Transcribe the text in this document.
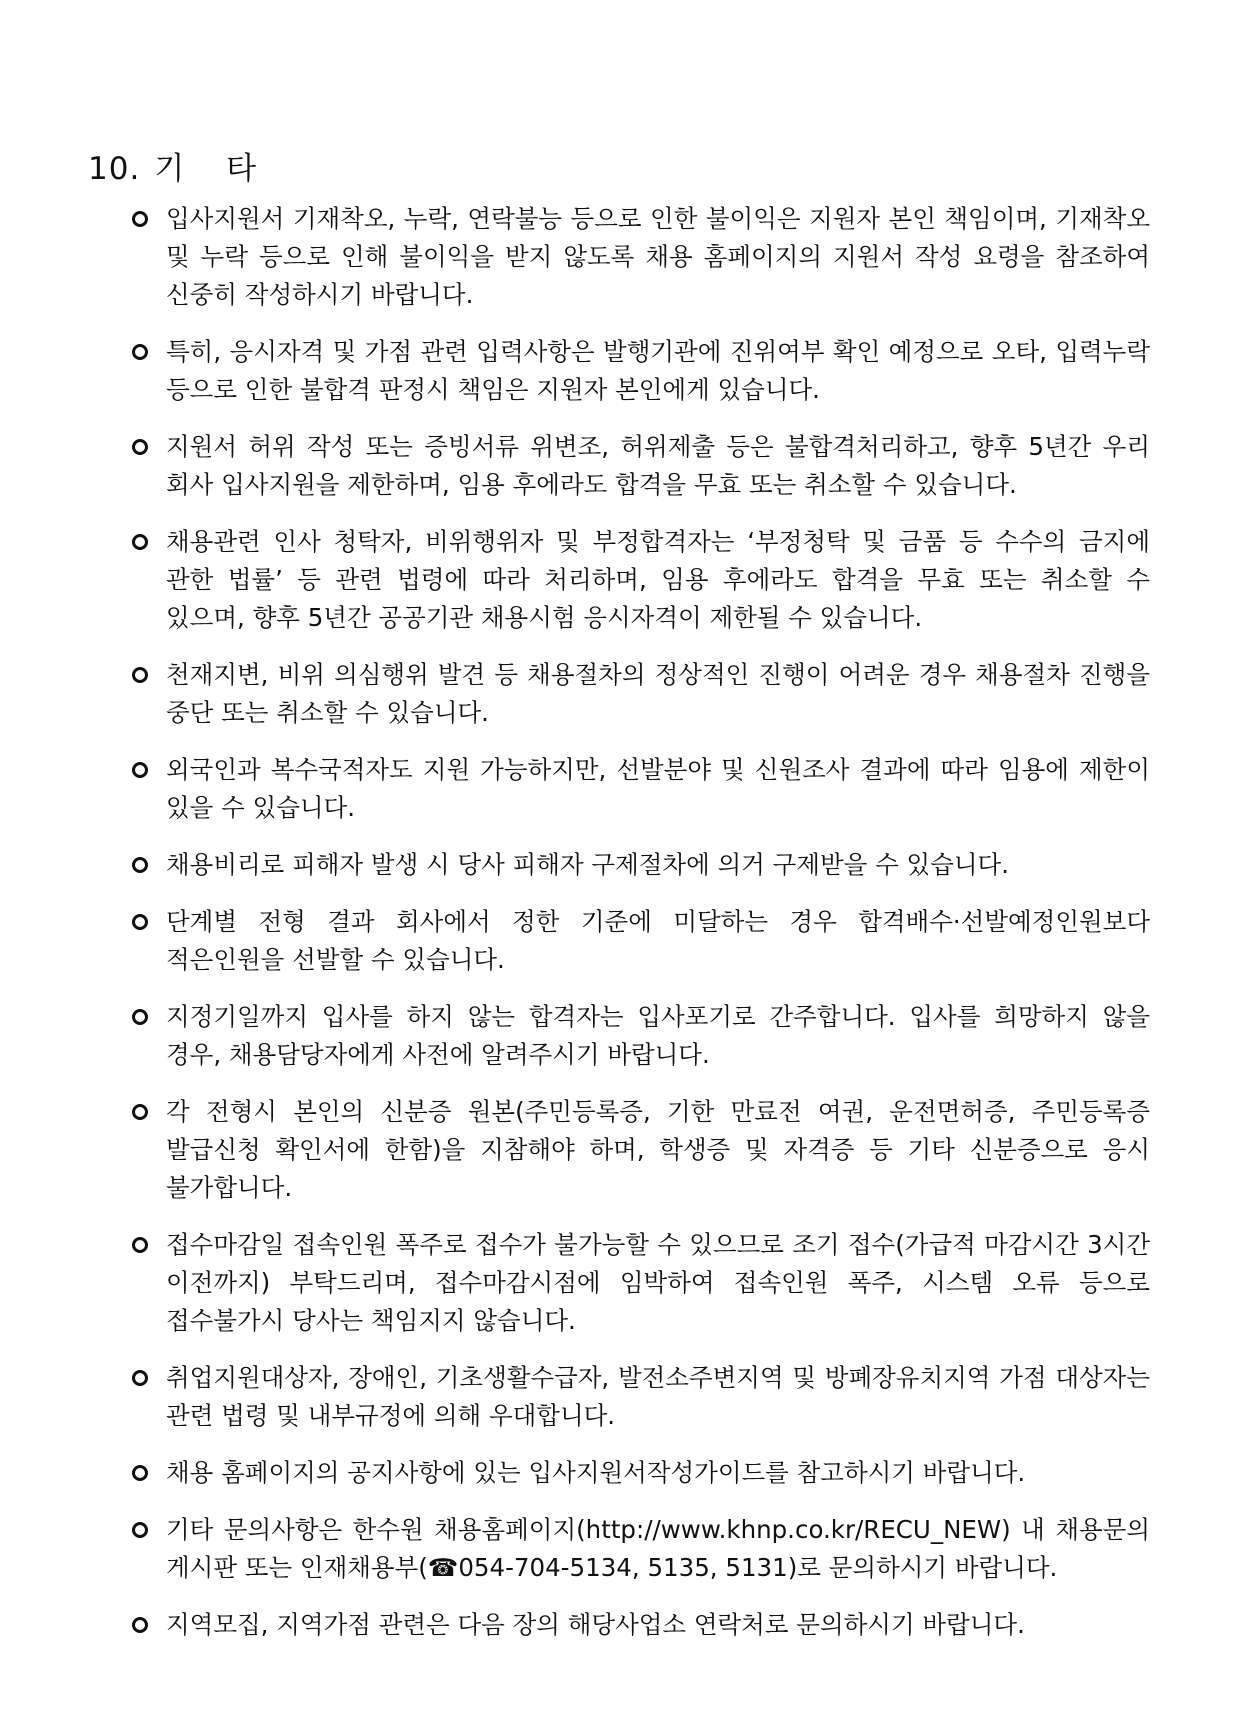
10. 기 타
입사지원서 기재착오, 누락, 연락불능 등으로 인한 불이익은 지원자 본인 책임이며, 기재착오 및 누락 등으로 인해 불이익을 받지 않도록 채용 홈페이지의 지원서 작성 요령을 참조하여 신중히 작성하시기 바랍니다.
특히, 응시자격 및 가점 관련 입력사항은 발행기관에 진위여부 확인 예정으로 오타, 입력누락 등으로 인한 불합격 판정시 책임은 지원자 본인에게 있습니다.
지원서 허위 작성 또는 증빙서류 위변조, 허위제출 등은 불합격처리하고, 향후 5년간 우리 회사 입사지원을 제한하며, 임용 후에라도 합격을 무효 또는 취소할 수 있습니다.
채용관련 인사 청탁자, 비위행위자 및 부정합격자는 ‘부정청탁 및 금품 등 수수의 금지에 관한 법률’ 등 관련 법령에 따라 처리하며, 임용 후에라도 합격을 무효 또는 취소할 수 있으며, 향후 5년간 공공기관 채용시험 응시자격이 제한될 수 있습니다.
천재지변, 비위 의심행위 발견 등 채용절차의 정상적인 진행이 어려운 경우 채용절차 진행을 중단 또는 취소할 수 있습니다.
외국인과 복수국적자도 지원 가능하지만, 선발분야 및 신원조사 결과에 따라 임용에 제한이 있을 수 있습니다.
채용비리로 피해자 발생 시 당사 피해자 구제절차에 의거 구제받을 수 있습니다.
단계별 전형 결과 회사에서 정한 기준에 미달하는 경우 합격배수·선발예정인원보다 적은인원을 선발할 수 있습니다.
지정기일까지 입사를 하지 않는 합격자는 입사포기로 간주합니다. 입사를 희망하지 않을 경우, 채용담당자에게 사전에 알려주시기 바랍니다.
각 전형시 본인의 신분증 원본(주민등록증, 기한 만료전 여권, 운전면허증, 주민등록증 발급신청 확인서에 한함)을 지참해야 하며, 학생증 및 자격증 등 기타 신분증으로 응시 불가합니다.
접수마감일 접속인원 폭주로 접수가 불가능할 수 있으므로 조기 접수(가급적 마감시간 3시간 이전까지) 부탁드리며, 접수마감시점에 임박하여 접속인원 폭주, 시스템 오류 등으로 접수불가시 당사는 책임지지 않습니다.
취업지원대상자, 장애인, 기초생활수급자, 발전소주변지역 및 방폐장유치지역 가점 대상자는 관련 법령 및 내부규정에 의해 우대합니다.
채용 홈페이지의 공지사항에 있는 입사지원서작성가이드를 참고하시기 바랍니다.
기타 문의사항은 한수원 채용홈페이지(http://www.khnp.co.kr/RECU_NEW) 내 채용문의 게시판 또는 인재채용부(☎054-704-5134, 5135, 5131)로 문의하시기 바랍니다.
지역모집, 지역가점 관련은 다음 장의 해당사업소 연락처로 문의하시기 바랍니다.
